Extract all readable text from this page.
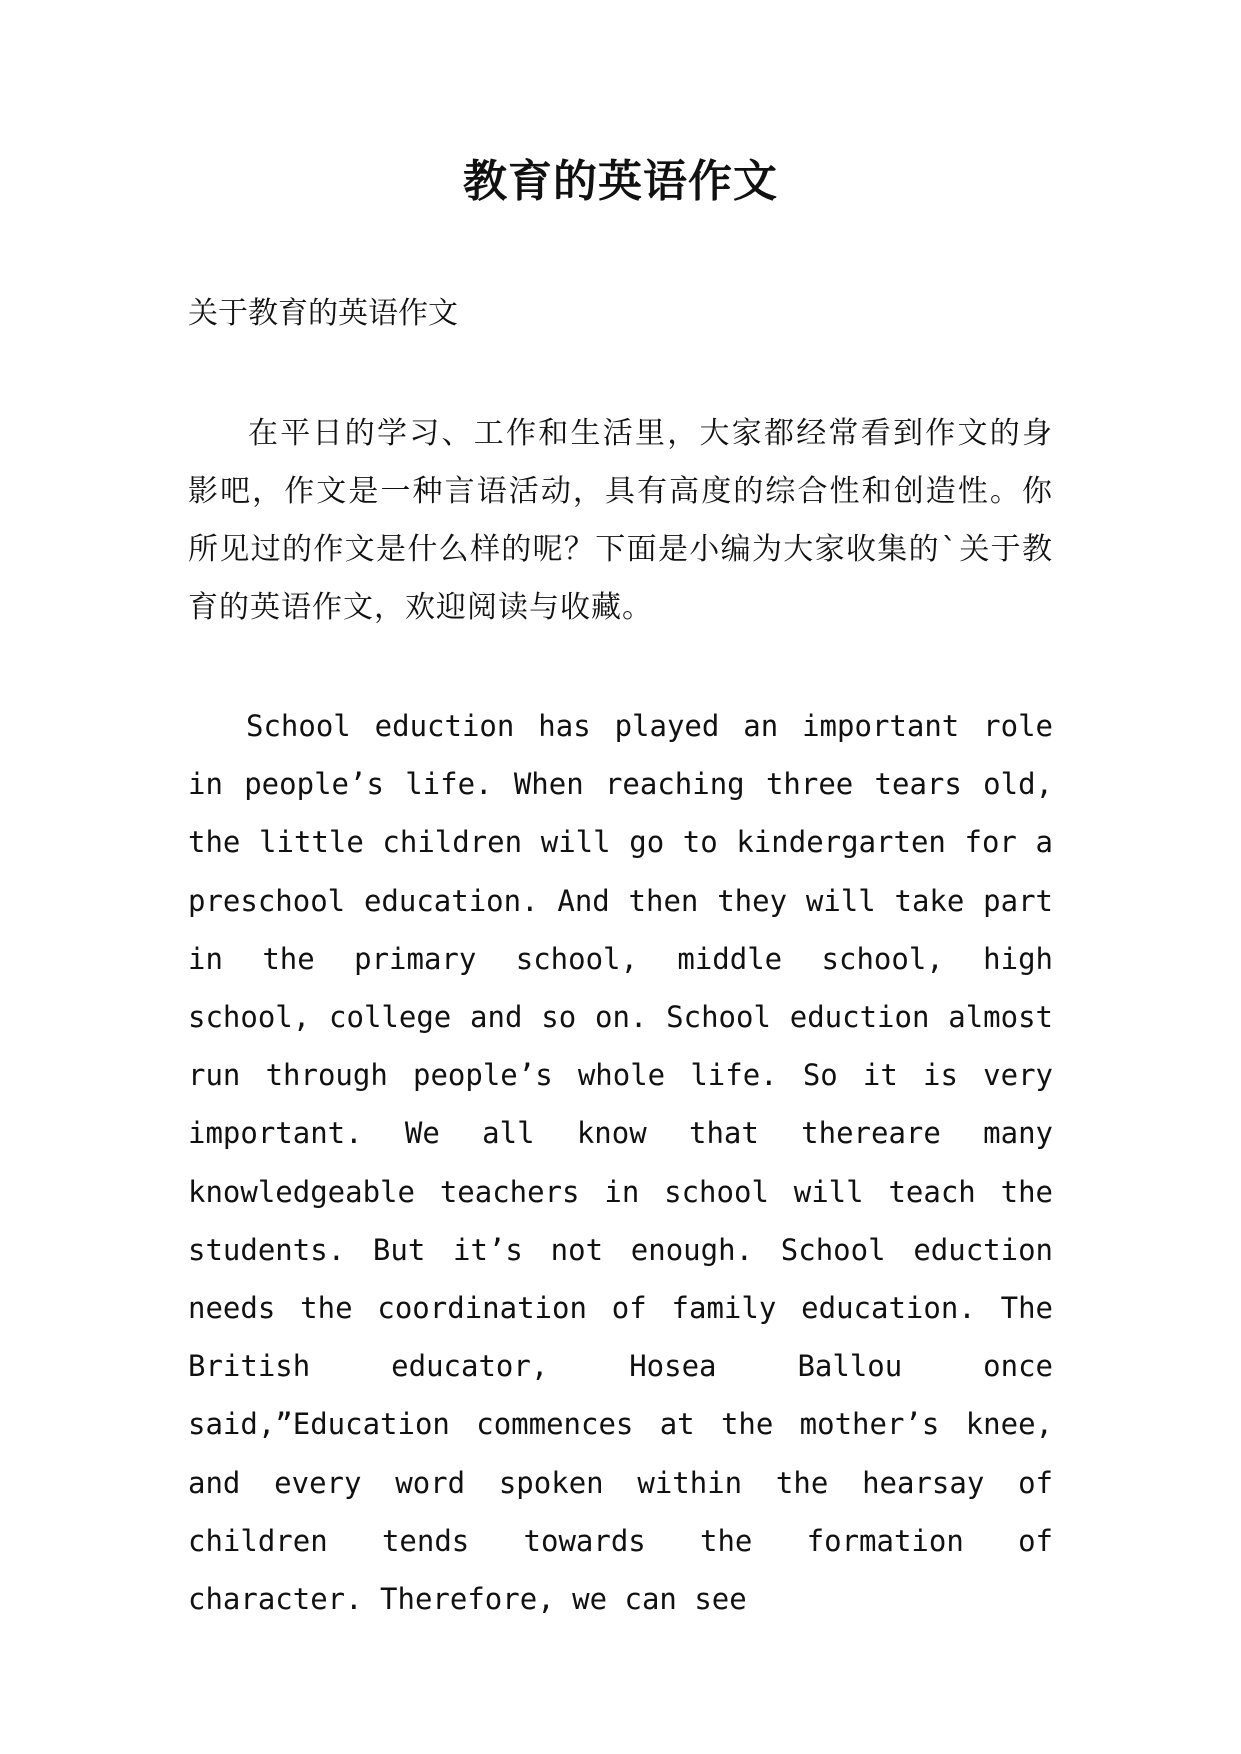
教育的英语作文

关于教育的英语作文

在平日的学习、工作和生活里，大家都经常看到作文的身影吧，作文是一种言语活动，具有高度的综合性和创造性。你所见过的作文是什么样的呢？下面是小编为大家收集的`关于教育的英语作文，欢迎阅读与收藏。

School eduction has played an important role in people’s life. When reaching three tears old, the little children will go to kindergarten for a preschool education. And then they will take part in the primary school, middle school, high school, college and so on. School eduction almost run through people’s whole life. So it is very important. We all know that thereare many knowledgeable teachers in school will teach the students. But it’s not enough. School eduction needs the coordination of family education. The British educator, Hosea Ballou once said,”Education commences at the mother’s knee, and every word spoken within the hearsay of children tends towards the formation of character. Therefore, we can see
